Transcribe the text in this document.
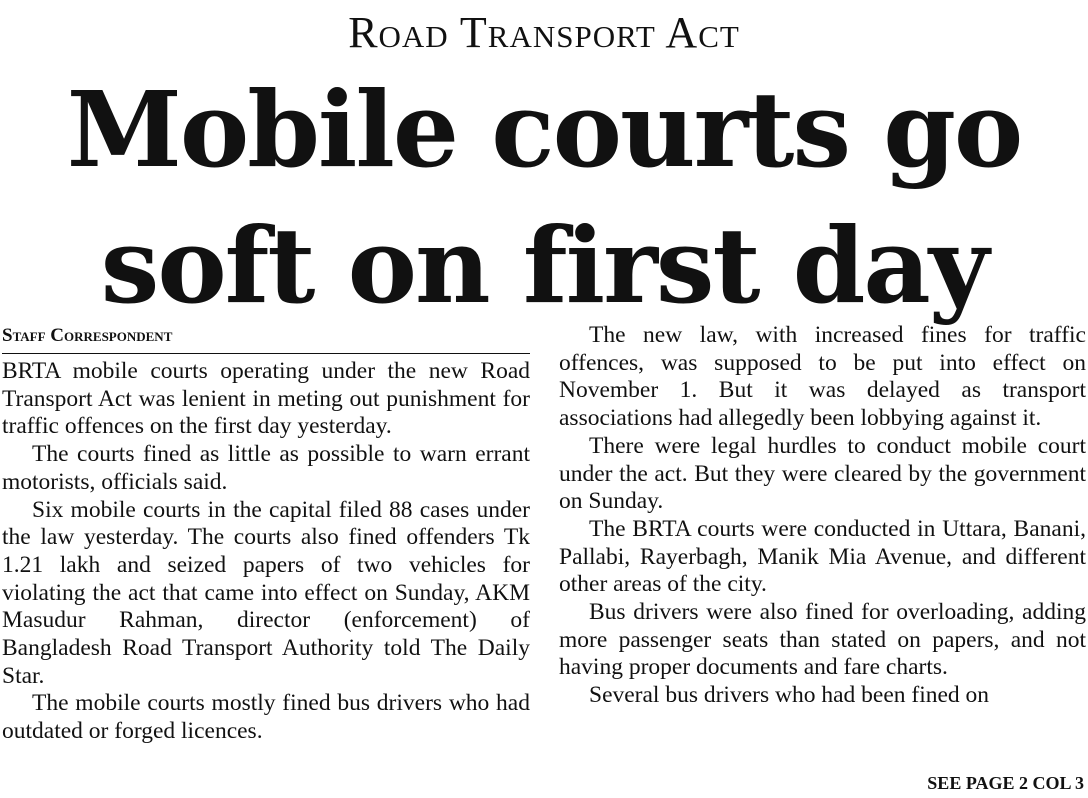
Road Transport Act
Mobile courts go
soft on first day
Staff Correspondent

BRTA mobile courts operating under the new Road Transport Act was lenient in meting out punishment for traffic offences on the first day yesterday.

The courts fined as little as possible to warn errant motorists, officials said.

Six mobile courts in the capital filed 88 cases under the law yesterday. The courts also fined offenders Tk 1.21 lakh and seized papers of two vehicles for violating the act that came into effect on Sunday, AKM Masudur Rahman, director (enforcement) of Bangladesh Road Transport Authority told The Daily Star.

The mobile courts mostly fined bus drivers who had outdated or forged licences.

The new law, with increased fines for traffic offences, was supposed to be put into effect on November 1. But it was delayed as transport associations had allegedly been lobbying against it.

There were legal hurdles to conduct mobile court under the act. But they were cleared by the government on Sunday.

The BRTA courts were conducted in Uttara, Banani, Pallabi, Rayerbagh, Manik Mia Avenue, and different other areas of the city.

Bus drivers were also fined for overloading, adding more passenger seats than stated on papers, and not having proper documents and fare charts.

Several bus drivers who had been fined on

SEE PAGE 2 COL 3
